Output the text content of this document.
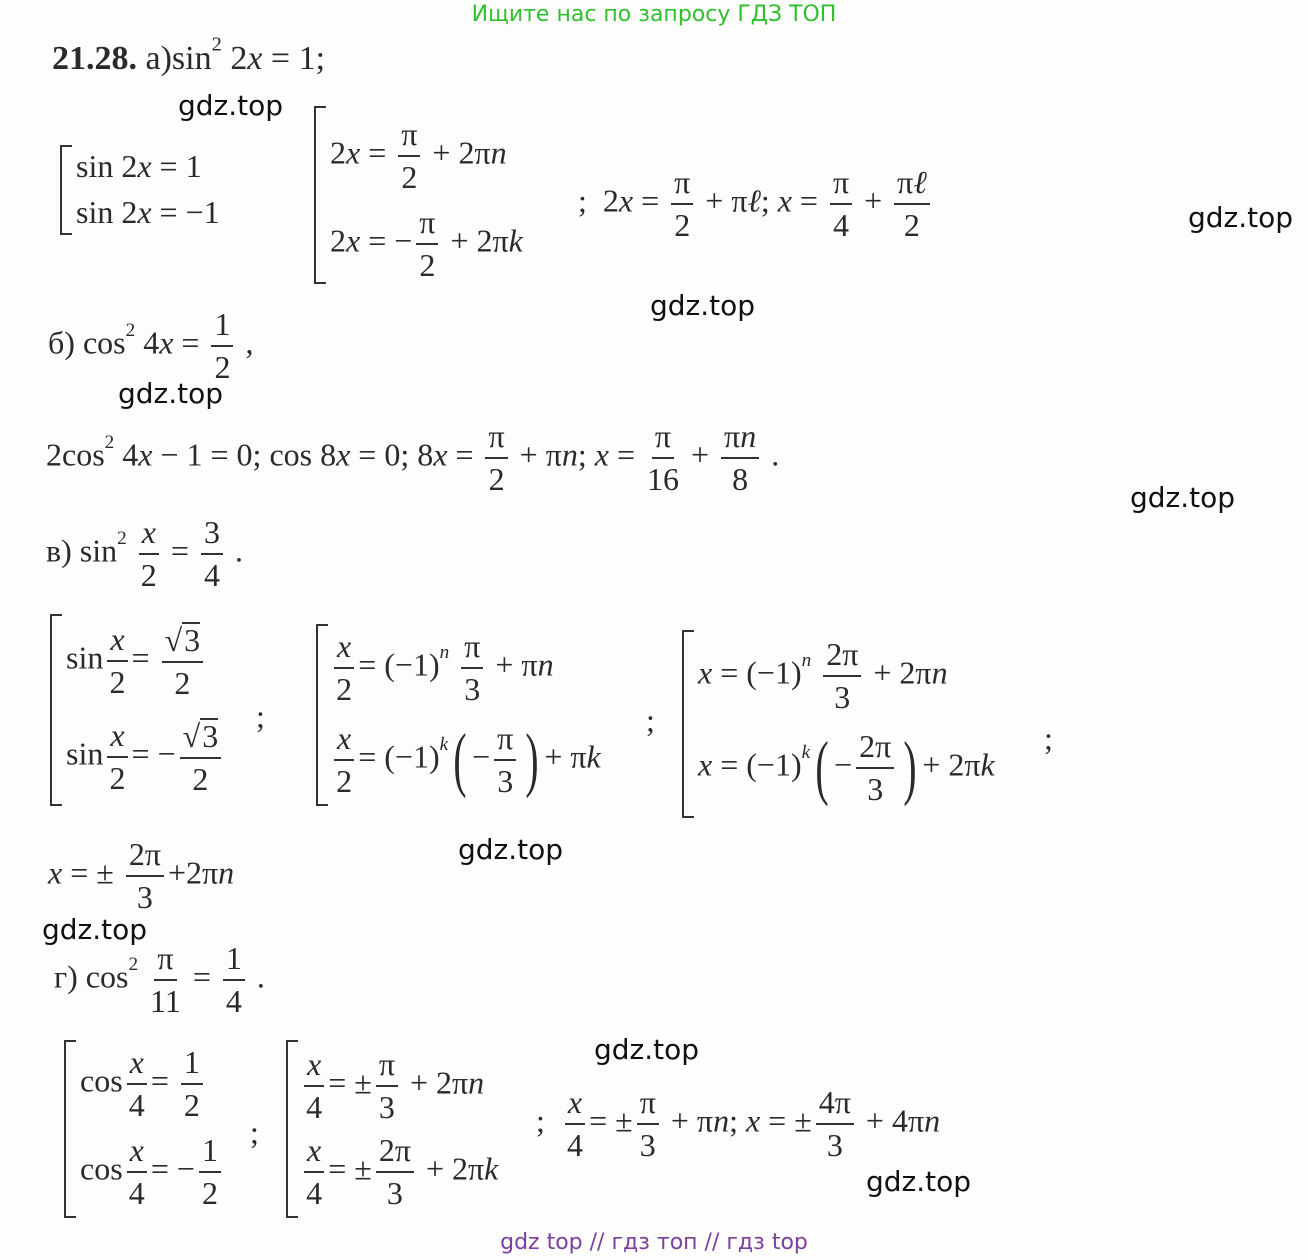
Ищите нас по запросу ГДЗ ТОП
21.28. $а)\sin^2$ 2x = 1;
gdz.top
sin 2x = 1
sin 2x = −1
$2x = \frac{\pi}{2} + 2\pi n$
2x = − $\frac{\pi}{2} + 2\pi k$
;  $2x = \frac{\pi}{2}$ + πℓ; $x = \frac{\pi}{4} + \frac{\text{πℓ}}{2}$	gdz.top
gdz.top
б) $\cos^2 4x = \frac{1}{2}$ ,
gdz.top
$2\cos^2$ 4x − 1 = 0; cos 8x = 0; $8x = \frac{\pi}{2} + \pi n$; $x = \frac{\pi}{16} + \frac{\pi n}{8}$ .
gdz.top
в) $\sin^2 \frac{x}{2} = \frac{3}{4}$ .
$\sin \frac{x}{2} = \frac{√3}{2}$
;
$\sin \frac{x}{2}$ = − $\frac{√3}{2}$
$\frac{x}{2} = (-1)^n \frac{\pi}{3} + \pi n$
$\frac{x}{2} = (-1)^k( - \frac{\pi}{3}$ ) + πk
;
$x = (-1)^n \frac{2\pi}{3} + 2\pi n$
$x = (-1)^k( - \frac{2\pi}{3}$ ) + 2πk
;
gdz.top
x = ± $\frac{2\pi}{3} +2\pi n$
gdz.top
г) $\cos^2 \frac{\pi}{11} = \frac{1}{4}$ .
gdz.top
$\cos \frac{x}{4} = \frac{1}{2}$
;
$\cos \frac{x}{4}$ = − $\frac{1}{2}$
$\frac{x}{4}$ = ± $\frac{\pi}{3} + 2\pi n$
$\frac{x}{4}$ = ± $\frac{2\pi}{3} + 2\pi k$
; $\frac{x}{4}$ = ± $\frac{\pi}{3} + \pi n$; x = ± $\frac{4\pi}{3} + 4\pi n$
gdz.top
gdz top // гдз топ // гдз top
